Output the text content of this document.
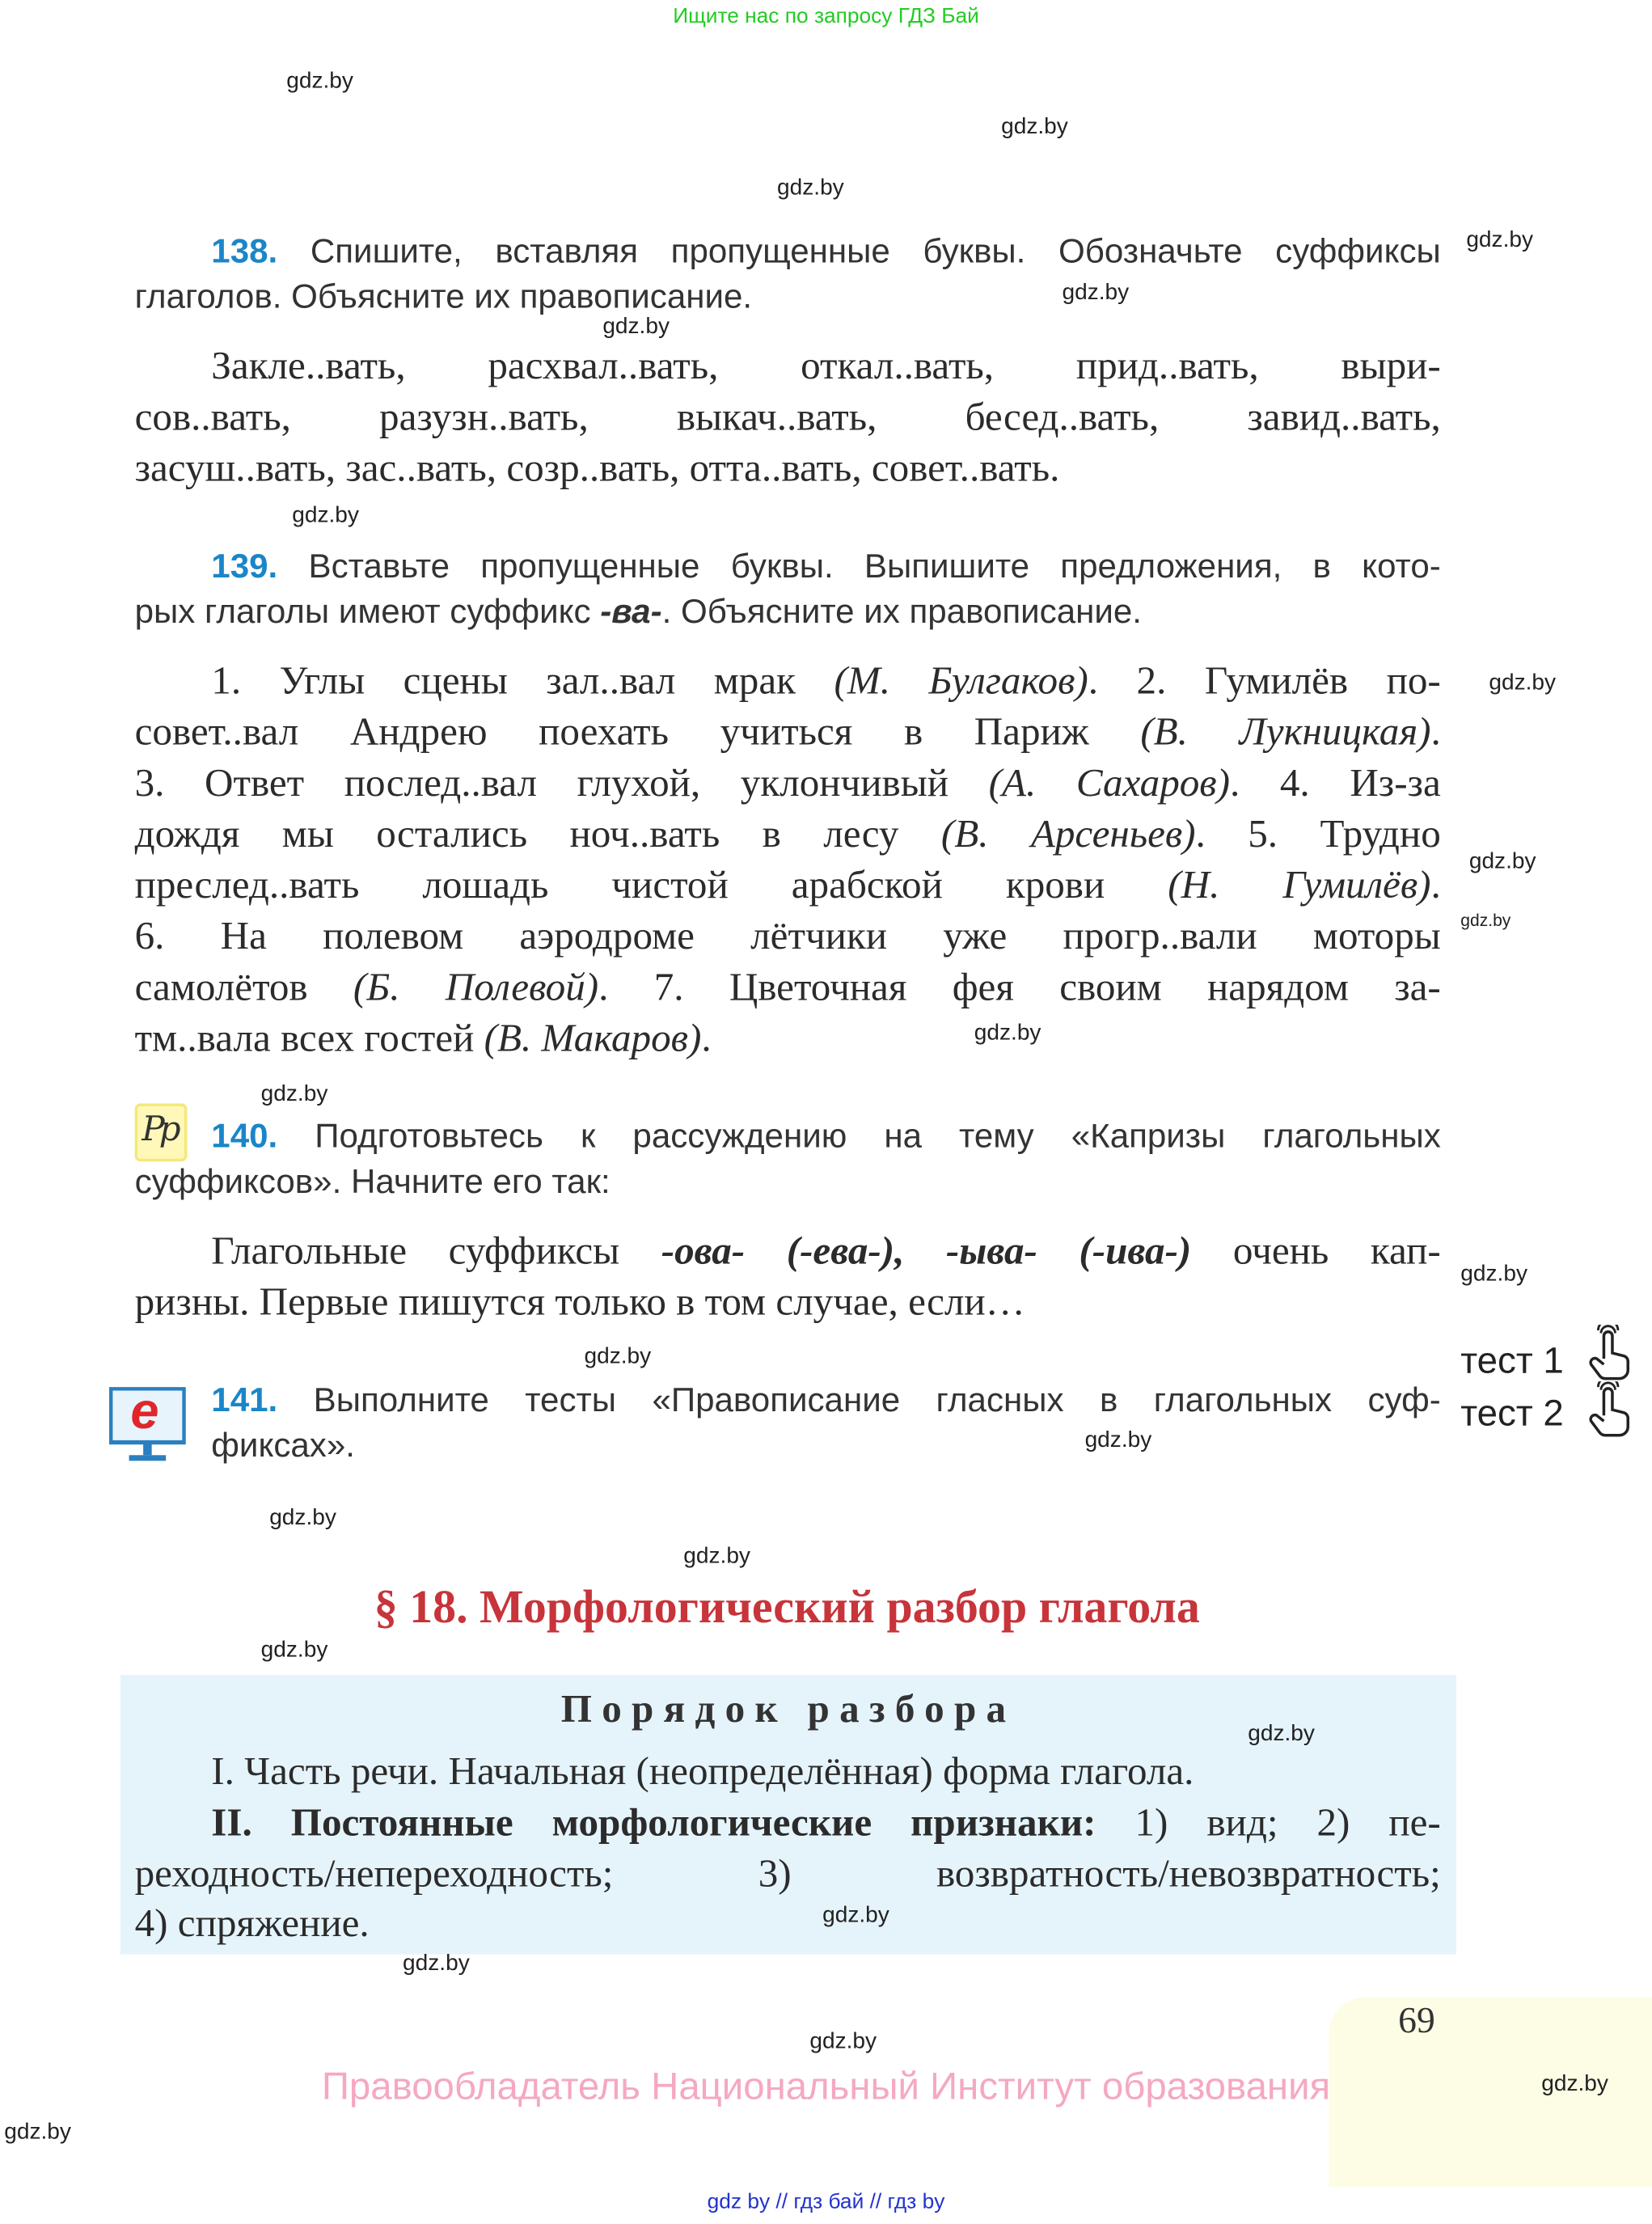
Ищите нас по запросу ГДЗ Бай
gdz.by
gdz.by
gdz.by
gdz.by
gdz.by
gdz.by
gdz.by
gdz.by
gdz.by
gdz.by
gdz.by
gdz.by
gdz.by
gdz.by
gdz.by
gdz.by
gdz.by
gdz.by
138. Спишите, вставляя пропущенные буквы. Обозначьте суффиксы
глаголов. Объясните их правописание.
Закле..вать, расхвал..вать, откал..вать, прид..вать, выри-
сов..вать, разузн..вать, выкач..вать, бесед..вать, завид..вать,
засуш..вать, зас..вать, созр..вать, отта..вать, совет..вать.
139. Вставьте пропущенные буквы. Выпишите предложения, в кото-
рых глаголы имеют суффикс -ва-. Объясните их правописание.
1. Углы сцены зал..вал мрак (М. Булгаков). 2. Гумилёв по-
совет..вал Андрею поехать учиться в Париж (В. Лукницкая).
3. Ответ послед..вал глухой, уклончивый (А. Сахаров). 4. Из-за
дождя мы остались ноч..вать в лесу (В. Арсеньев). 5. Трудно
преслед..вать лошадь чистой арабской крови (Н. Гумилёв).
6. На полевом аэродроме лётчики уже прогр..вали моторы
самолётов (Б. Полевой). 7. Цветочная фея своим нарядом за-
тм..вала всех гостей (В. Макаров).
Pp 140. Подготовьтесь к рассуждению на тему «Капризы глагольных
суффиксов». Начните его так:
Глагольные суффиксы -ова- (-ева-), -ыва- (-ива-) очень кап-
ризны. Первые пишутся только в том случае, если…
e	141. Выполните тесты «Правописание гласных в глагольных суф-
фиксах».
тест 1
тест 2
§ 18. Морфологический разбор глагола
Порядок разбора
gdz.by
I. Часть речи. Начальная (неопределённая) форма глагола.
II. Постоянные морфологические признаки: 1) вид; 2) пе-
реходность/непереходность; 3) возвратность/невозвратность;
4) спряжение.	gdz.by
gdz.by
69
gdz.by
Правообладатель Национальный Институт образования	gdz.by
gdz.by
gdz by // гдз бай // гдз by
